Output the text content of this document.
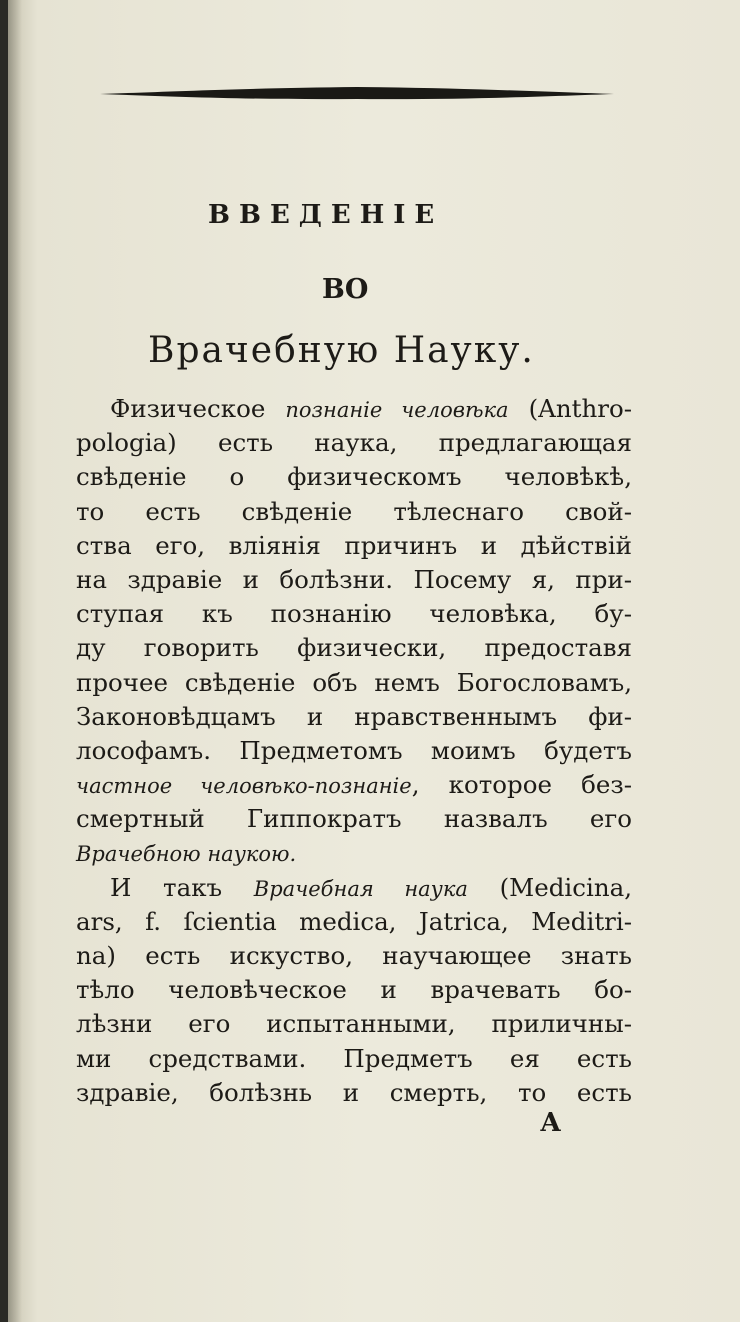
ВВЕДЕНІЕ
ВО
Врачебную Науку.
Физическое познаніе человѣка (Anthro-
pologia) есть наука, предлагающая
свѣденіе о физическомъ человѣкѣ,
то есть свѣденіе тѣлеснаго свой-
ства его, вліянія причинъ и дѣйствій
на здравіе и болѣзни. Посему я, при-
ступая къ познанію человѣка, бу-
ду говорить физически, предоставя
прочее свѣденіе объ немъ Богословамъ,
Законовѣдцамъ и нравственнымъ фи-
лософамъ. Предметомъ моимъ будетъ
частное человѣко-познаніе, которое без-
смертный Гиппократъ назвалъ его
Врачебною наукою.
И такъ Врачебная наука (Medicina,
ars, f. ſcientia medica, Jatrica, Meditri-
na) есть искуство, научающее знать
тѣло человѣческое и врачевать бо-
лѣзни его испытанными, приличны-
ми средствами. Предметъ ея есть
здравіе, болѣзнь и смерть, то есть
А
